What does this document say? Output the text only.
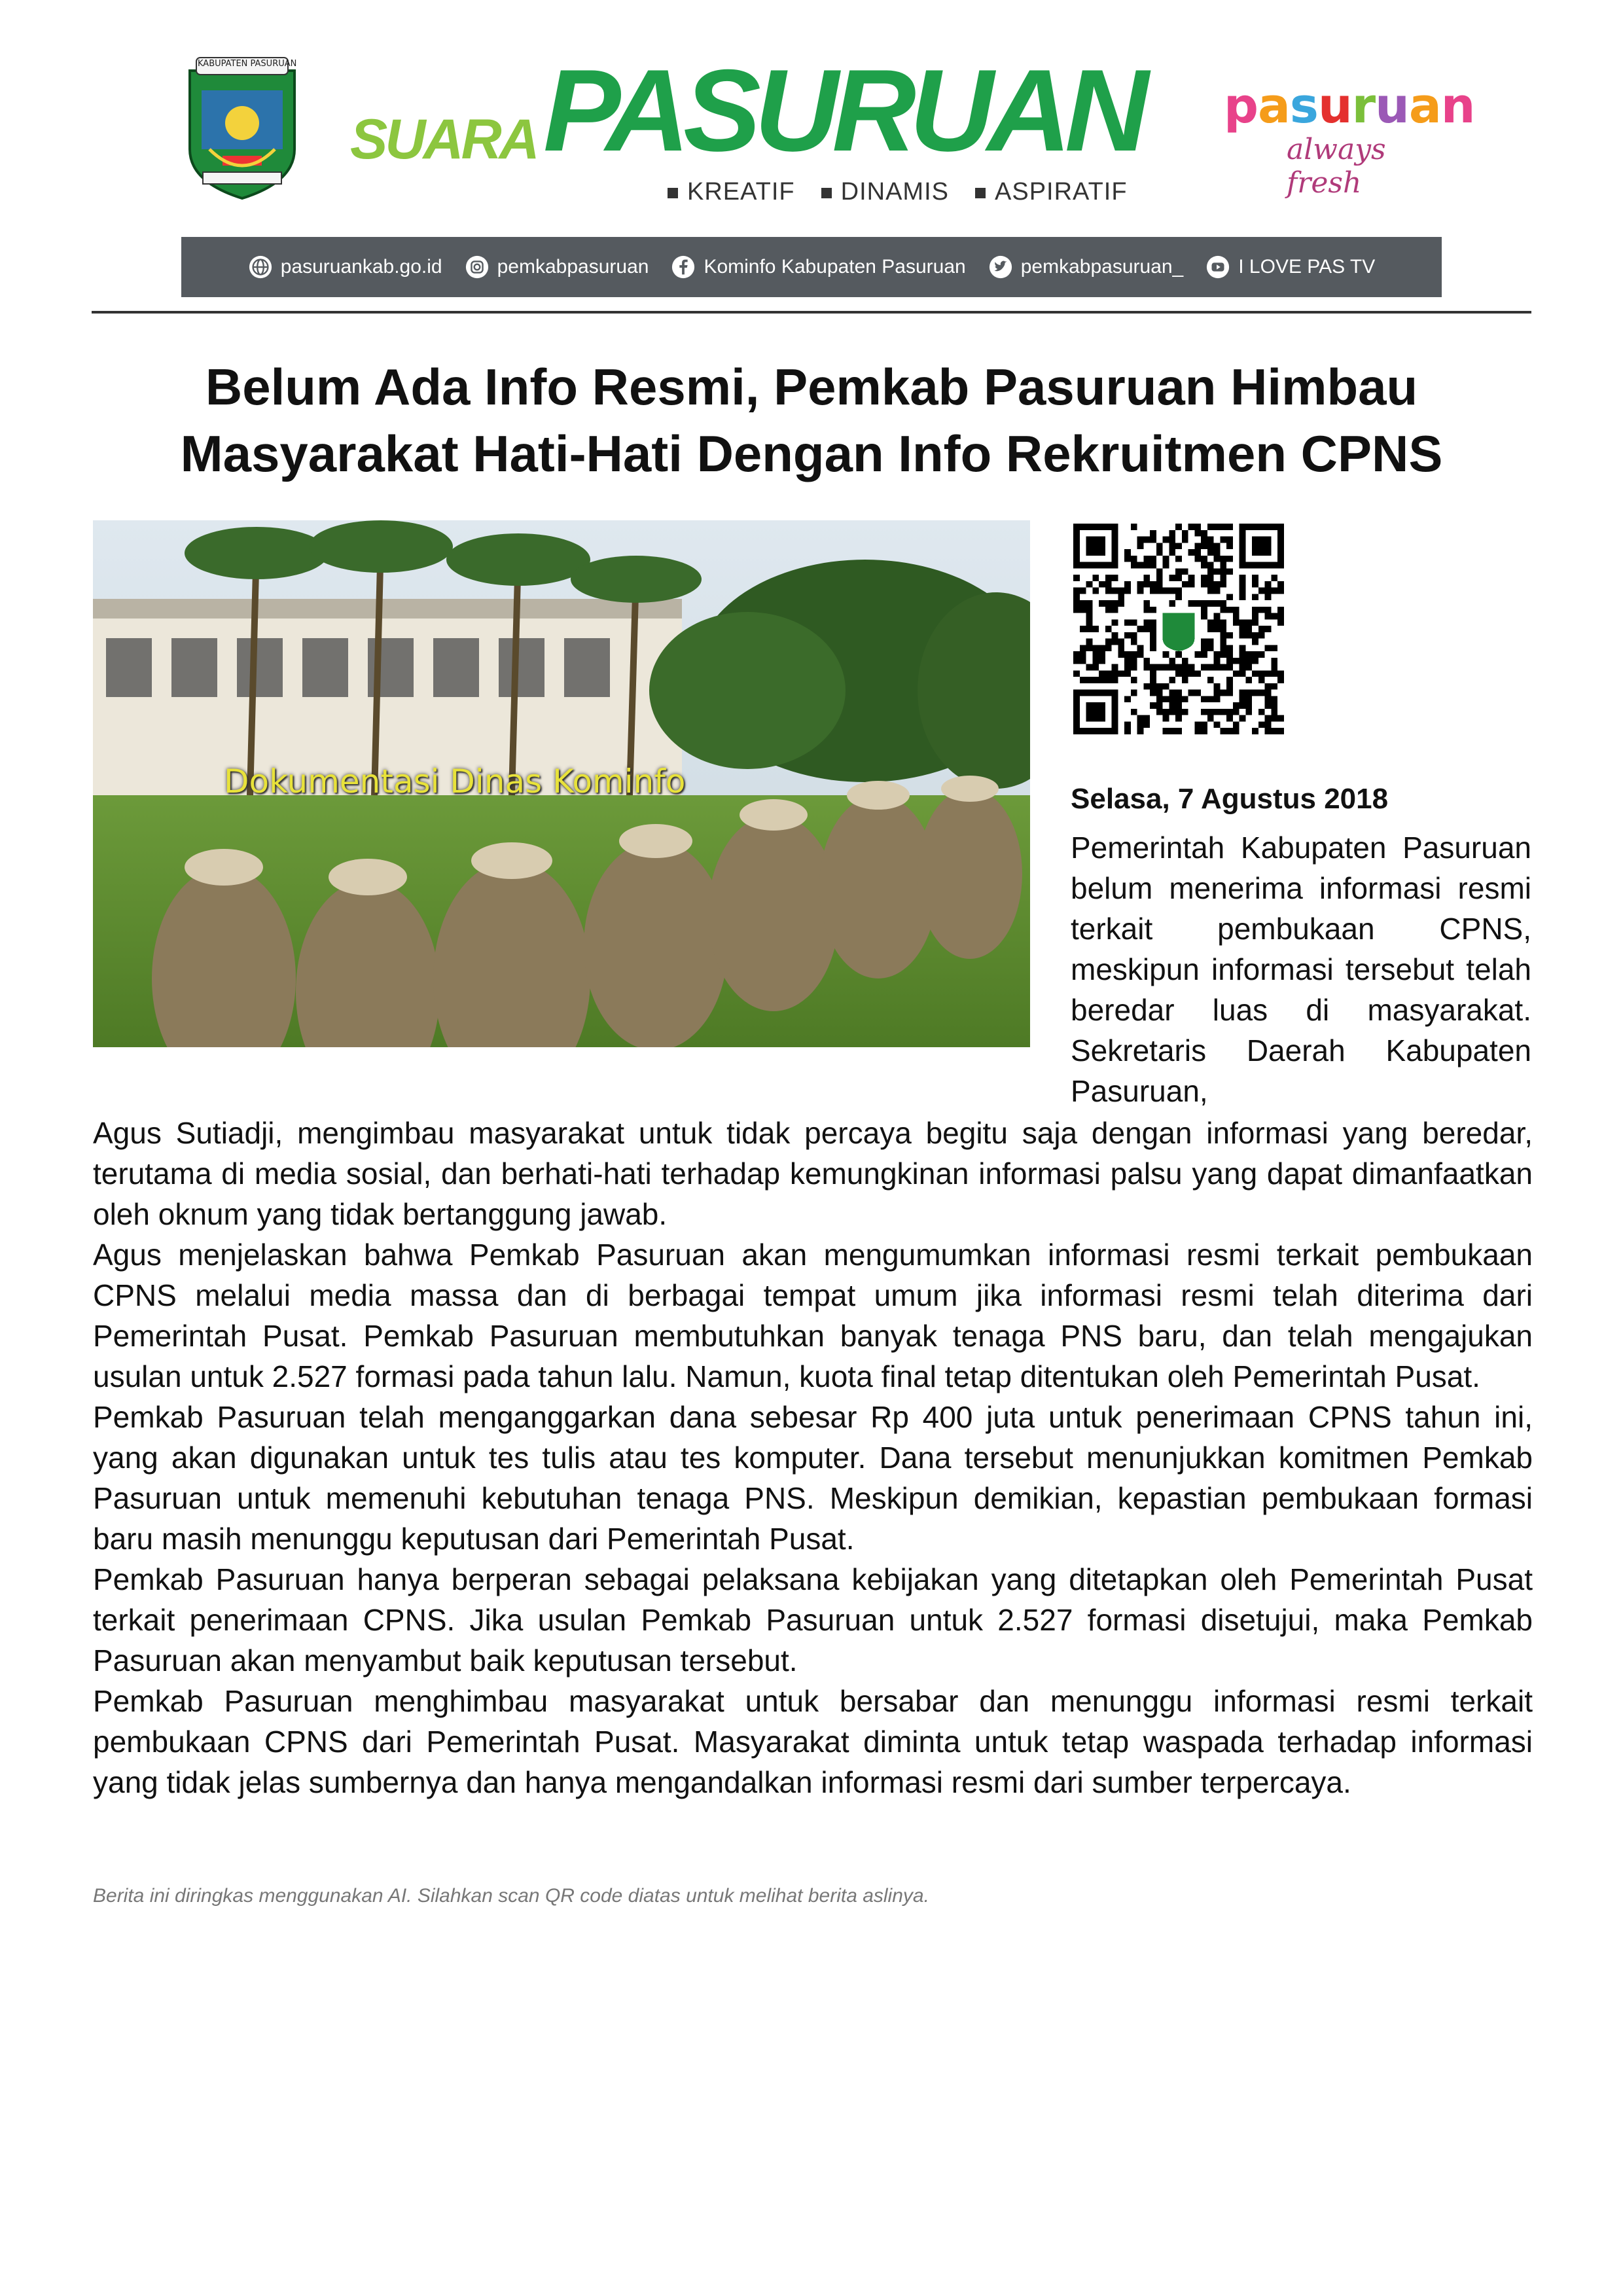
KABUPATEN PASURUAN
SUARA PASURUAN
KREATIF	DINAMIS	ASPIRATIF
pasuruan
always fresh
pasuruankab.go.id	pemkabpasuruan	Kominfo Kabupaten Pasuruan	pemkabpasuruan_	I LOVE PAS TV
Belum Ada Info Resmi, Pemkab Pasuruan Himbau Masyarakat Hati-Hati Dengan Info Rekruitmen CPNS
Dokumentasi Dinas Kominfo	Selasa, 7 Agustus 2018

Pemerintah Kabupaten Pasuruan belum menerima informasi resmi terkait pembukaan CPNS, meskipun informasi tersebut telah beredar luas di masyarakat. Sekretaris Daerah Kabupaten Pasuruan,

Agus Sutiadji, mengimbau masyarakat untuk tidak percaya begitu saja dengan informasi yang beredar, terutama di media sosial, dan berhati-hati terhadap kemungkinan informasi palsu yang dapat dimanfaatkan oleh oknum yang tidak bertanggung jawab.

Agus menjelaskan bahwa Pemkab Pasuruan akan mengumumkan informasi resmi terkait pembukaan CPNS melalui media massa dan di berbagai tempat umum jika informasi resmi telah diterima dari Pemerintah Pusat. Pemkab Pasuruan membutuhkan banyak tenaga PNS baru, dan telah mengajukan usulan untuk 2.527 formasi pada tahun lalu. Namun, kuota final tetap ditentukan oleh Pemerintah Pusat.

Pemkab Pasuruan telah menganggarkan dana sebesar Rp 400 juta untuk penerimaan CPNS tahun ini, yang akan digunakan untuk tes tulis atau tes komputer. Dana tersebut menunjukkan komitmen Pemkab Pasuruan untuk memenuhi kebutuhan tenaga PNS. Meskipun demikian, kepastian pembukaan formasi baru masih menunggu keputusan dari Pemerintah Pusat.

Pemkab Pasuruan hanya berperan sebagai pelaksana kebijakan yang ditetapkan oleh Pemerintah Pusat terkait penerimaan CPNS. Jika usulan Pemkab Pasuruan untuk 2.527 formasi disetujui, maka Pemkab Pasuruan akan menyambut baik keputusan tersebut.

Pemkab Pasuruan menghimbau masyarakat untuk bersabar dan menunggu informasi resmi terkait pembukaan CPNS dari Pemerintah Pusat. Masyarakat diminta untuk tetap waspada terhadap informasi yang tidak jelas sumbernya dan hanya mengandalkan informasi resmi dari sumber terpercaya.

Berita ini diringkas menggunakan AI. Silahkan scan QR code diatas untuk melihat berita aslinya.
